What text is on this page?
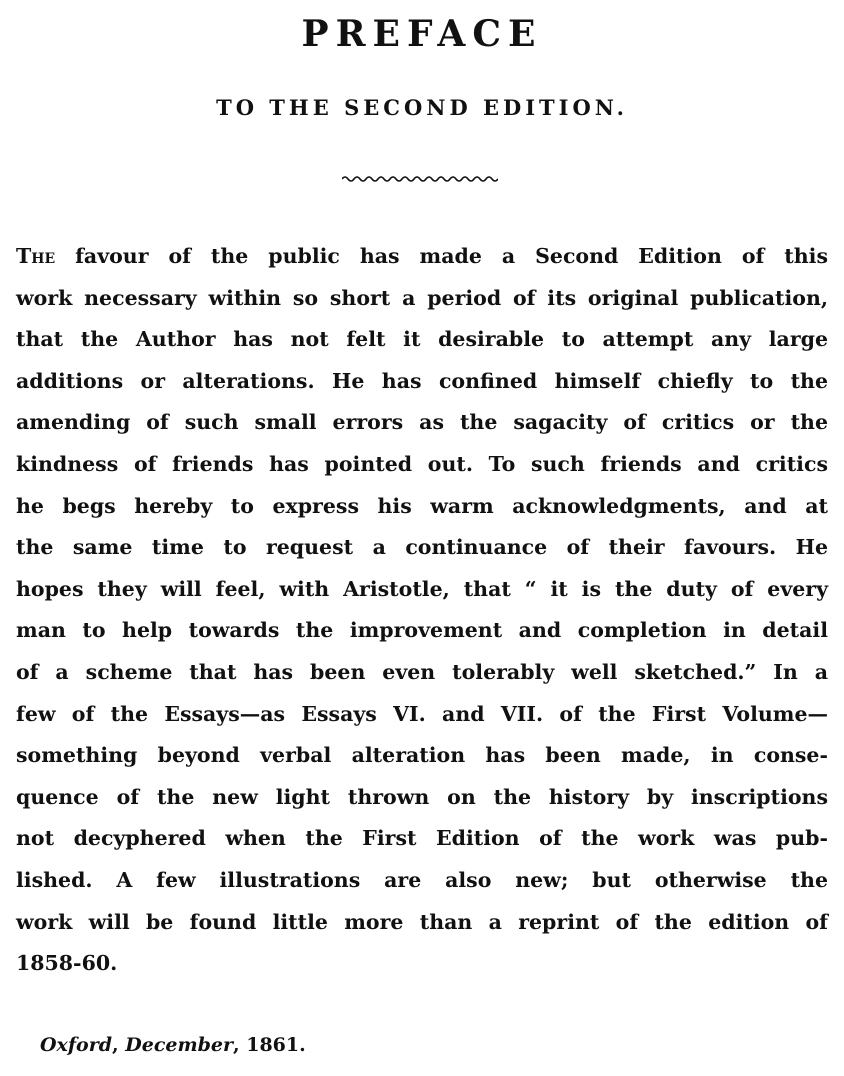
PREFACE
TO THE SECOND EDITION.
The favour of the public has made a Second Edition of this
work necessary within so short a period of its original publication,
that the Author has not felt it desirable to attempt any large
additions or alterations. He has confined himself chiefly to the
amending of such small errors as the sagacity of critics or the
kindness of friends has pointed out. To such friends and critics
he begs hereby to express his warm acknowledgments, and at
the same time to request a continuance of their favours. He
hopes they will feel, with Aristotle, that “ it is the duty of every
man to help towards the improvement and completion in detail
of a scheme that has been even tolerably well sketched.” In a
few of the Essays—as Essays VI. and VII. of the First Volume—
something beyond verbal alteration has been made, in conse-
quence of the new light thrown on the history by inscriptions
not decyphered when the First Edition of the work was pub-
lished. A few illustrations are also new; but otherwise the
work will be found little more than a reprint of the edition of
1858-60.
Oxford, December, 1861.
